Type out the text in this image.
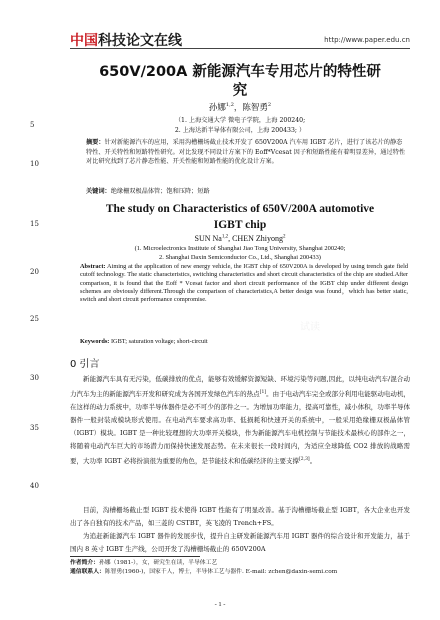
中国科技论文在线	http://www.paper.edu.cn
5
10
15
20
25
30
35
40
650V/200A 新能源汽车专用芯片的特性研
究
孙娜$^{1,2}$，陈智勇$^2$
（1. 上海交通大学 微电子学院，上海 200240;
2. 上海达新半导体有限公司，上海 200433; ）
摘要：针对新能源汽车的应用，采用沟槽栅场截止技术开发了 650V200A 汽车用 IGBT 芯片，进行了该芯片的静态特性、开关特性和短路特性研究。对比发现不同设计方案下的 Eoff*Vcesat 因子和短路性能有着明显差异，通过特性对比研究找到了芯片静态性能、开关性能和短路性能的优化设计方案。
关键词：绝缘栅双极晶体管；饱和压降；短路
The study on Characteristics of 650V/200A automotive
IGBT chip
SUN Na$^{1,2}$, CHEN Zhiyong$^2$
(1. Microelectronics Institute of Shanghai Jiao Tong University, Shanghai 200240;
2. Shanghai Daxin Semiconductor Co., Ltd., Shanghai 200433)
Abstract: Aiming at the application of new energy vehicle, the IGBT chip of 650V200A is developed by using trench gate field cutoff technology. The static characteristics, switching characteristics and short circuit characteristics of the chip are studied.After comparison, it is found that the Eoff * Vcesat factor and short circuit performance of the IGBT chip under different design schemes are obviously different.Through the comparison of characteristics,A better design was found，which has better static, switch and short circuit performance compromise.
Keywords: IGBT; saturation voltage; short-circuit
0 引言
新能源汽车具有无污染，低碳排放的优点，能够有效缓解资源短缺、环境污染等问题,因此，以纯电动汽车/混合动力汽车为主的新能源汽车开发和研究成为各国开发绿色汽车的热点[1]。由于电动汽车完全或部分利用电能驱动电动机，在这样的动力系统中，功率半导体器件是必不可少的部件之一。为增加功率能力，提高可靠性，减小体积，功率半导体器件一般封装成模块形式使用。在电动汽车要求高功率、低损耗和快速开关的系统中，一般采用绝缘栅双极晶体管（IGBT）模块。IGBT 是一种比较理想的大功率开关模块，作为新能源汽车电机控制与节能技术最核心的部件之一，将随着电动汽车巨大的市场潜力而保持快速发展态势。在未来很长一段时间内，为适应全球降低 CO2 排放的战略需要，大功率 IGBT 必将扮演很为重要的角色，是节能技术和低碳经济的主要支撑[2,3]。
目前，沟槽栅场截止型 IGBT 技术使得 IGBT 性能有了明显改善。基于沟槽栅场截止型 IGBT，各大企业也开发出了各自独有的技术产品，如三菱的 CSTBT，英飞凌的 Trench+FS。
为追赶新能源汽车 IGBT 器件的发展步伐，提升自主研发新能源汽车用 IGBT 器件的综合设计和开发能力，基于国内 8 英寸 IGBT 生产线，公司开发了沟槽栅场截止的 650V200A
作者简介：孙娜（1981-），女，研究生在读，半导体工艺
通信联系人：陈智勇(1960-)，国家千人，博士，半导体工艺与器件. E-mail: zchen@daxin-semi.com
- 1 -
试读
